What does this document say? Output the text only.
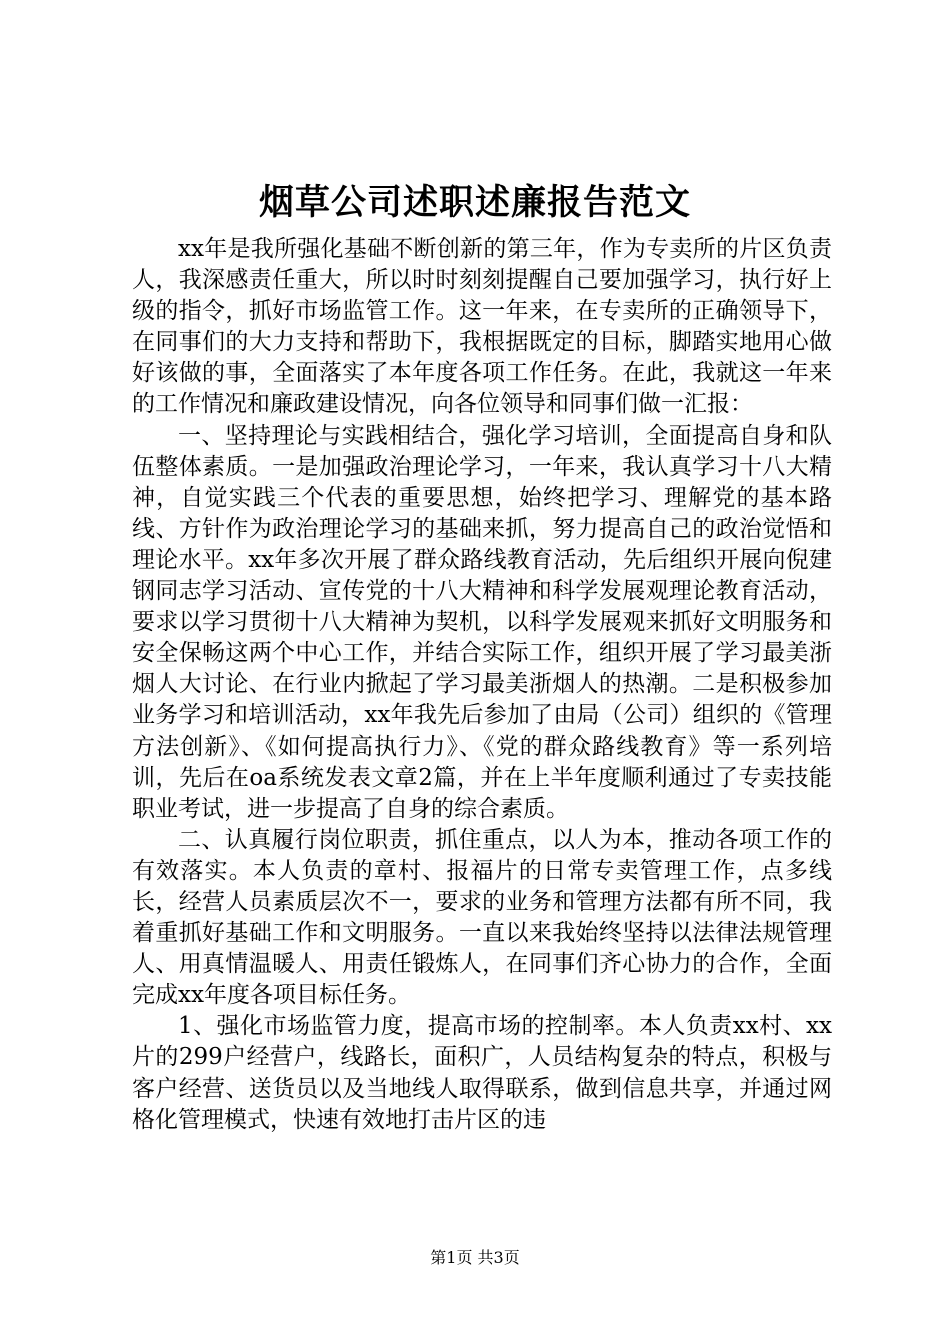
烟草公司述职述廉报告范文

xx年是我所强化基础不断创新的第三年，作为专卖所的片区负责人，我深感责任重大，所以时时刻刻提醒自己要加强学习，执行好上级的指令，抓好市场监管工作。这一年来，在专卖所的正确领导下，在同事们的大力支持和帮助下，我根据既定的目标，脚踏实地用心做好该做的事，全面落实了本年度各项工作任务。在此，我就这一年来的工作情况和廉政建设情况，向各位领导和同事们做一汇报：

一、坚持理论与实践相结合，强化学习培训，全面提高自身和队伍整体素质。一是加强政治理论学习，一年来，我认真学习十八大精神，自觉实践三个代表的重要思想，始终把学习、理解党的基本路线、方针作为政治理论学习的基础来抓，努力提高自己的政治觉悟和理论水平。xx年多次开展了群众路线教育活动，先后组织开展向倪建钢同志学习活动、宣传党的十八大精神和科学发展观理论教育活动，要求以学习贯彻十八大精神为契机，以科学发展观来抓好文明服务和安全保畅这两个中心工作，并结合实际工作，组织开展了学习最美浙烟人大讨论、在行业内掀起了学习最美浙烟人的热潮。二是积极参加业务学习和培训活动，xx年我先后参加了由局（公司）组织的《管理方法创新》、《如何提高执行力》、《党的群众路线教育》等一系列培训，先后在oa系统发表文章2篇，并在上半年度顺利通过了专卖技能职业考试，进一步提高了自身的综合素质。

二、认真履行岗位职责，抓住重点，以人为本，推动各项工作的有效落实。本人负责的章村、报福片的日常专卖管理工作，点多线长，经营人员素质层次不一，要求的业务和管理方法都有所不同，我着重抓好基础工作和文明服务。一直以来我始终坚持以法律法规管理人、用真情温暖人、用责任锻炼人，在同事们齐心协力的合作，全面完成xx年度各项目标任务。

1、强化市场监管力度，提高市场的控制率。本人负责xx村、xx片的299户经营户，线路长，面积广，人员结构复杂的特点，积极与客户经营、送货员以及当地线人取得联系，做到信息共享，并通过网格化管理模式，快速有效地打击片区的违

第1页 共3页
